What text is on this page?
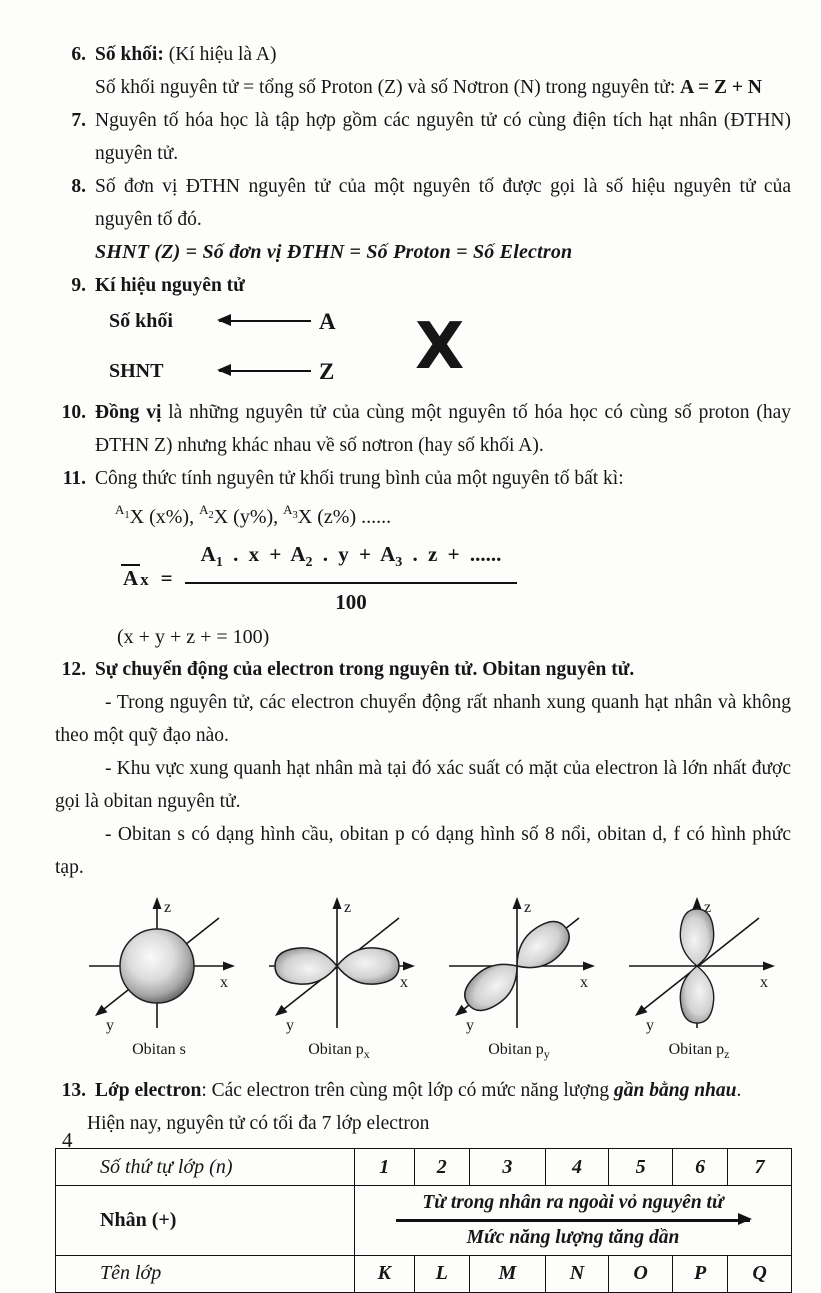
6. Số khối: (Kí hiệu là A)
Số khối nguyên tử = tổng số Proton (Z) và số Nơtron (N) trong nguyên tử: A = Z + N
7. Nguyên tố hóa học là tập hợp gồm các nguyên tử có cùng điện tích hạt nhân (ĐTHN) nguyên tử.
8. Số đơn vị ĐTHN nguyên tử của một nguyên tố được gọi là số hiệu nguyên tử của nguyên tố đó.
SHNT (Z) = Số đơn vị ĐTHN = Số Proton = Số Electron
9. Kí hiệu nguyên tử
Số khối	A
SHNT	Z X
10. Đồng vị là những nguyên tử của cùng một nguyên tố hóa học có cùng số proton (hay ĐTHN Z) nhưng khác nhau về số nơtron (hay số khối A).
11. Công thức tính nguyên tử khối trung bình của một nguyên tố bất kì:
$^{A_1}$X (x%), $^{A_2}$X (y%), $^{A_3}$X (z%) ......
A $x = \frac{A_1 . x + A_2 . y + A_3 . z + ......}{100}$
(x + y + z + = 100)
12. Sự chuyển động của electron trong nguyên tử. Obitan nguyên tử.

- Trong nguyên tử, các electron chuyển động rất nhanh xung quanh hạt nhân và không theo một quỹ đạo nào.

- Khu vực xung quanh hạt nhân mà tại đó xác suất có mặt của electron là lớn nhất được gọi là obitan nguyên tử.

- Obitan s có dạng hình cầu, obitan p có dạng hình số 8 nổi, obitan d, f có hình phức tạp.

z
x
y
Obitan s
z
x
y
Obitan $p_x$
z
x
y
Obitan $p_y$
z
x
y
Obitan $p_z$
13. Lớp electron: Các electron trên cùng một lớp có mức năng lượng gần bằng nhau.
Hiện nay, nguyên tử có tối đa 7 lớp electron
Số thứ tự lớp (n)	1	2	3	4	5	6	7
Nhân (+)	Từ trong nhân ra ngoài vỏ nguyên tử
Mức năng lượng tăng dần						

Tên lớp	K	L	M	N	O	P	Q
4
